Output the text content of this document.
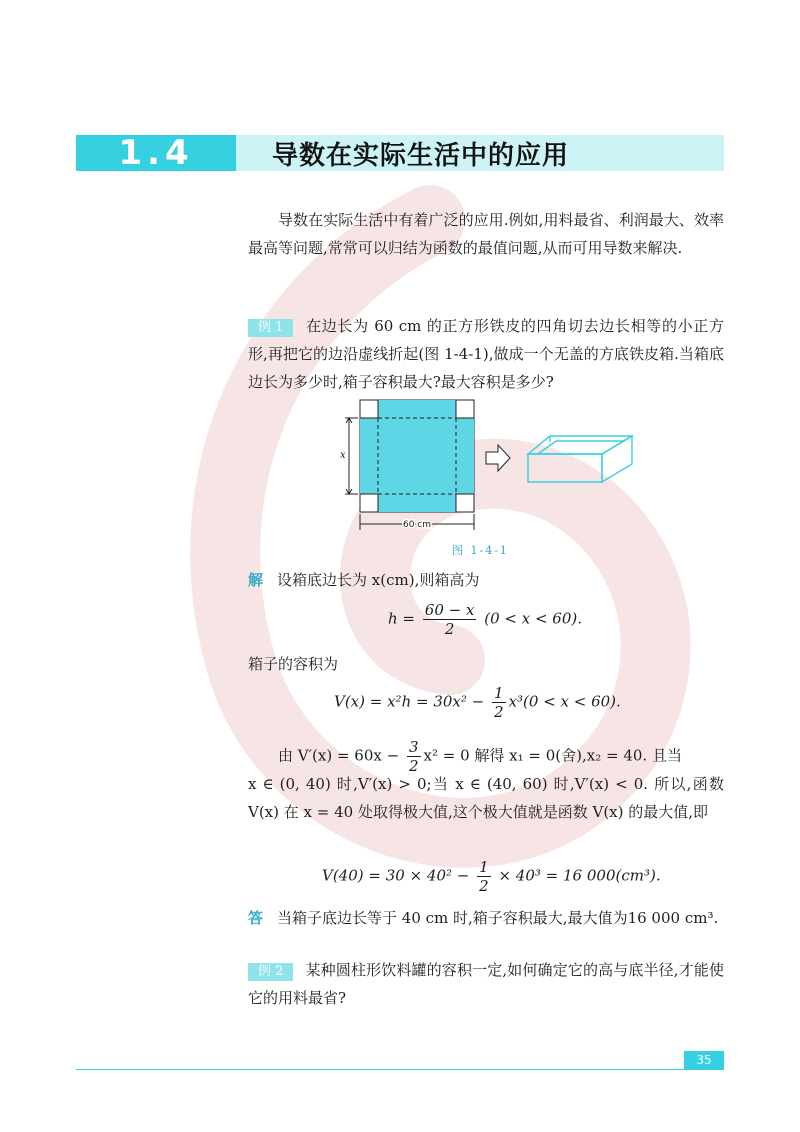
1.4	导数在实际生活中的应用
导数在实际生活中有着广泛的应用.例如,用料最省、利润最大、效率最高等问题,常常可以归结为函数的最值问题,从而可用导数来解决.
例 1 在边长为 60 cm 的正方形铁皮的四角切去边长相等的小正方形,再把它的边沿虚线折起(图 1-4-1),做成一个无盖的方底铁皮箱.当箱底边长为多少时,箱子容积最大?最大容积是多少?
x
60 cm
图 1-4-1
解 设箱底边长为 x(cm),则箱高为
$h = \frac{60 - x}{2} (0 < x < 60)$.
箱子的容积为
$V(x) = x^2h = 30x^2 - \frac{1}{2} x^3(0 < x < 60)$.
由 $V'(x) = 60x - \frac{3}{2} x^2 = 0$ 解得 x₁ = 0(舍),x₂ = 40. 且当
x ∈ (0, 40) 时,V′(x) > 0;当 x ∈ (40, 60) 时,V′(x) < 0. 所以,函数 V(x) 在 x = 40 处取得极大值,这个极大值就是函数 V(x) 的最大值,即
$V(40) = 30 \times 40^2 - \frac{1}{2} \times 40^3 = 16$ 000(cm³).
答 当箱子底边长等于 40 cm 时,箱子容积最大,最大值为16 000 cm³.
例 2 某种圆柱形饮料罐的容积一定,如何确定它的高与底半径,才能使它的用料最省?
35
